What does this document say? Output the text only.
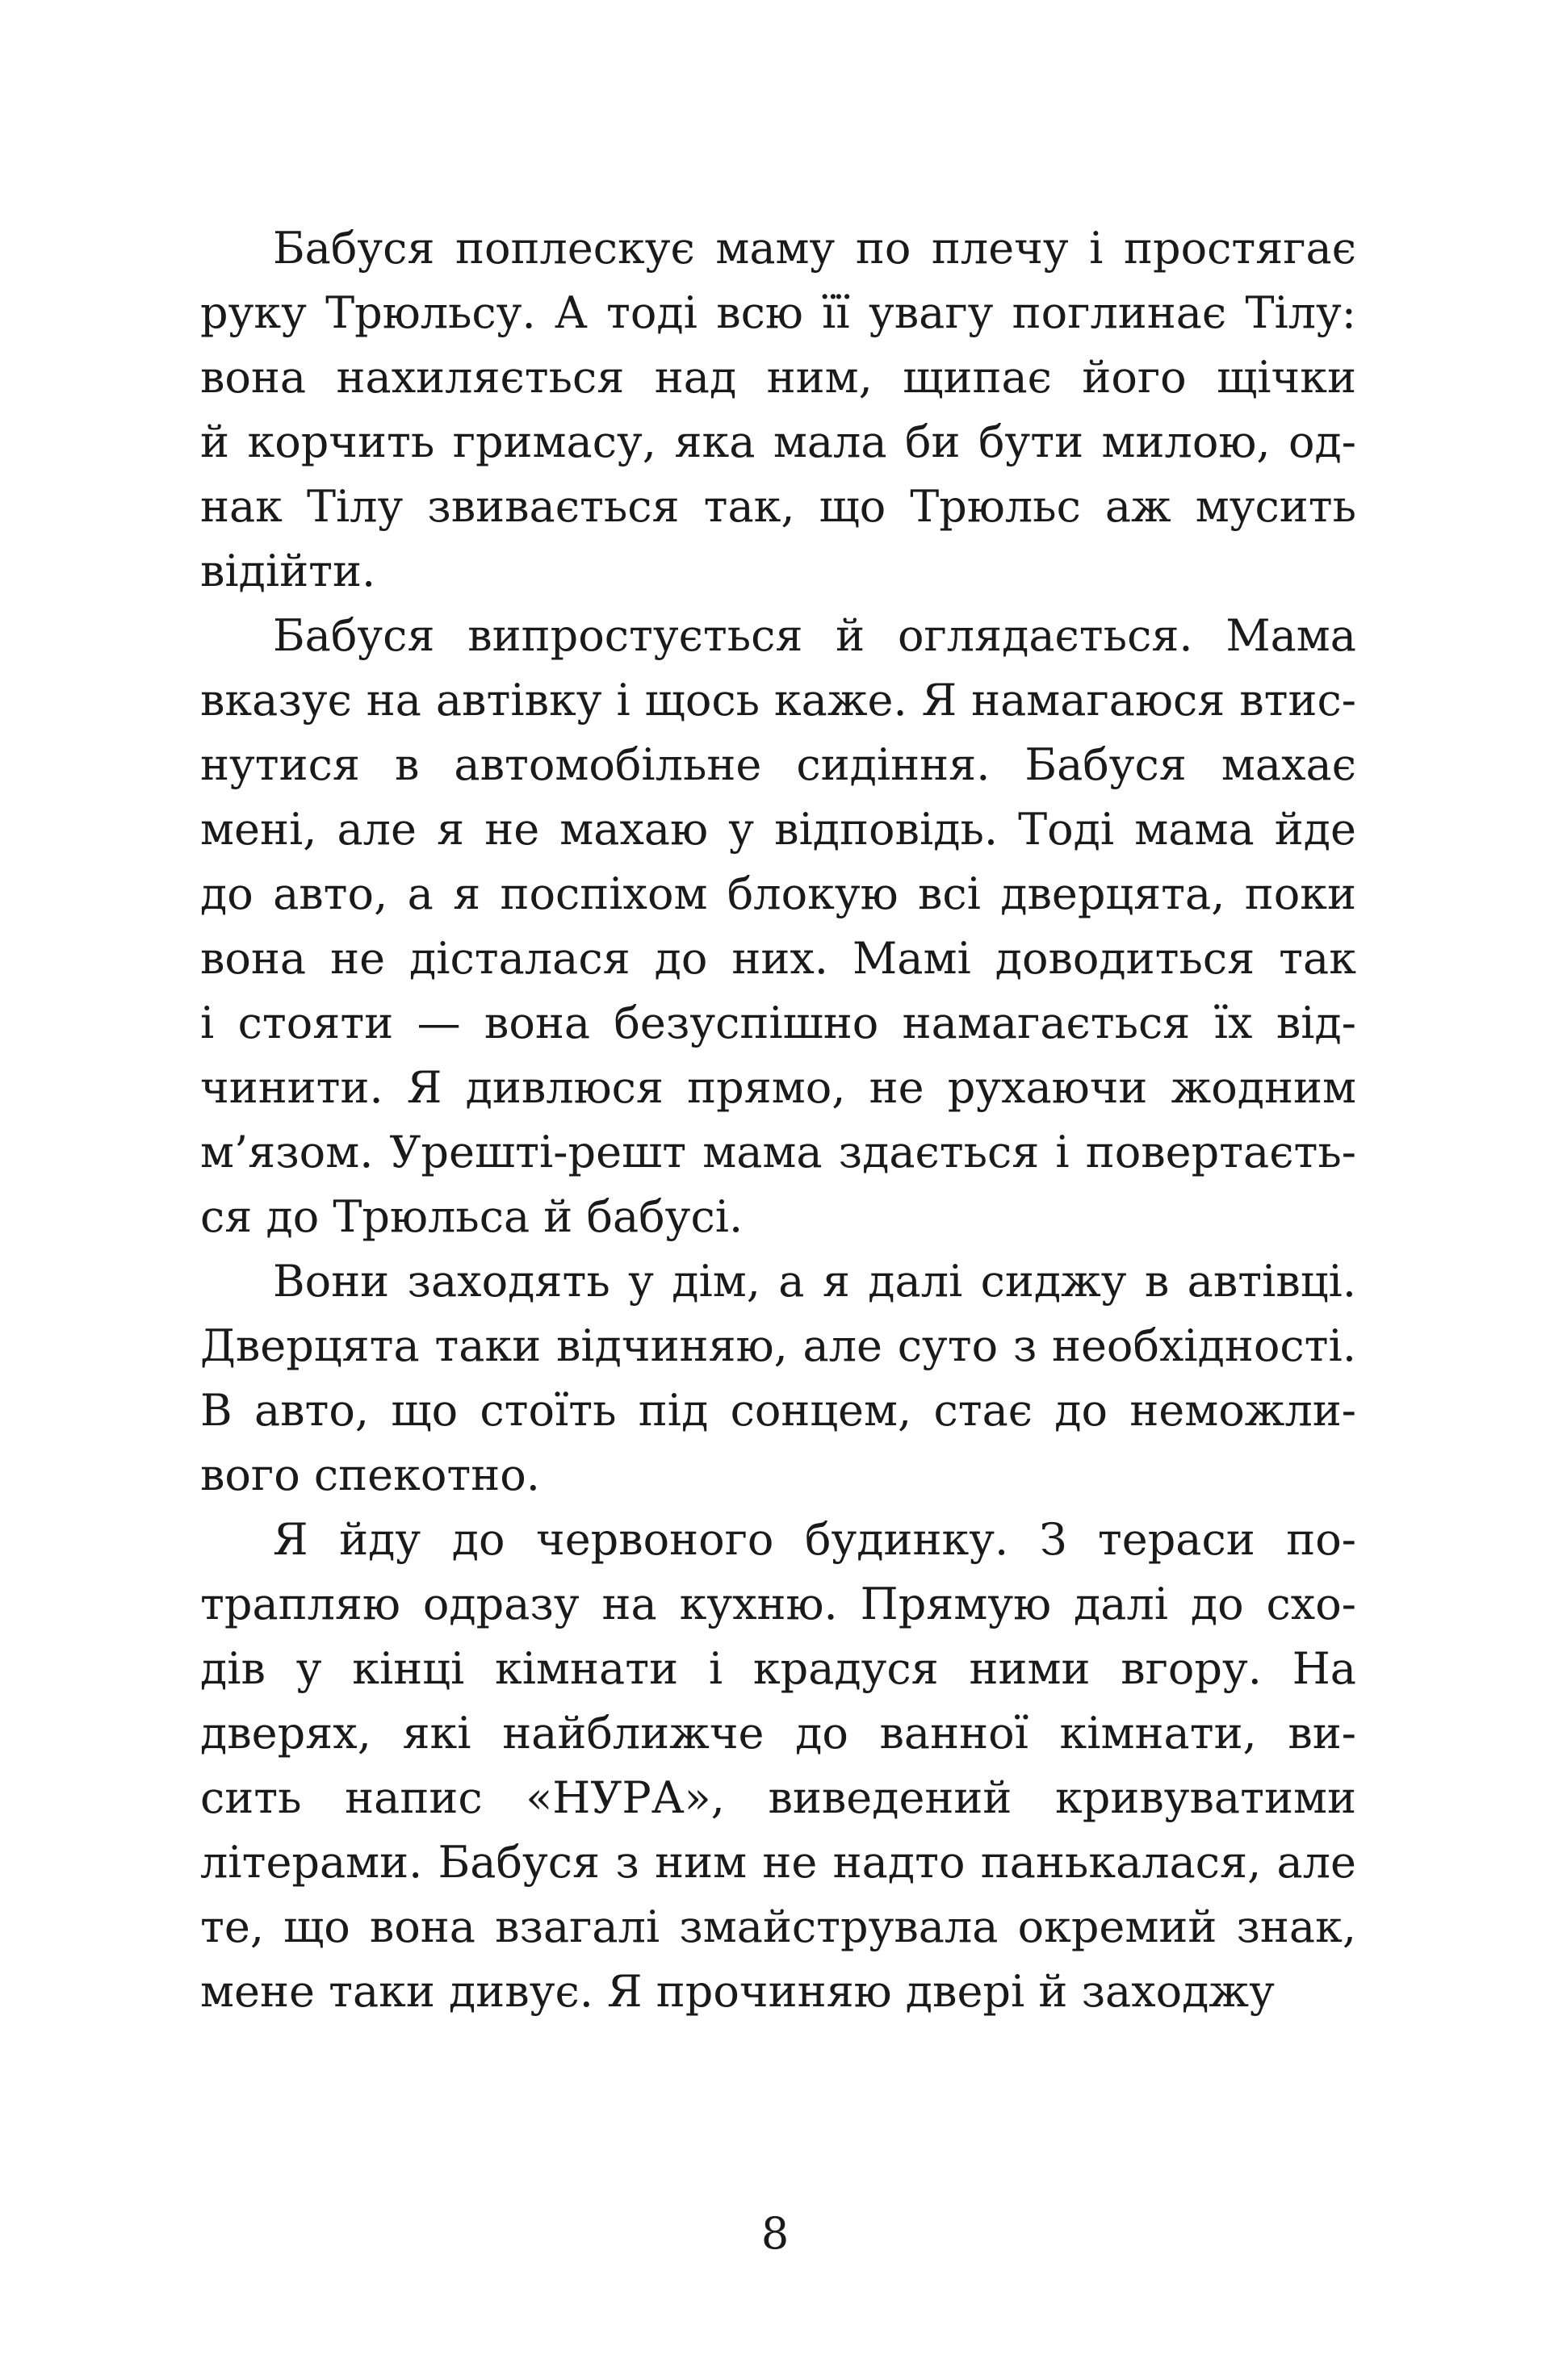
Бабуся поплескує маму по плечу і простягає
руку Трюльсу. А тоді всю її увагу поглинає Тілу:
вона нахиляється над ним, щипає його щічки
й корчить гримасу, яка мала би бути милою, од-
нак Тілу звивається так, що Трюльс аж мусить
відійти.
Бабуся випростується й оглядається. Мама
вказує на автівку і щось каже. Я намагаюся втис-
нутися в автомобільне сидіння. Бабуся махає
мені, але я не махаю у відповідь. Тоді мама йде
до авто, а я поспіхом блокую всі дверцята, поки
вона не дісталася до них. Мамі доводиться так
і стояти — вона безуспішно намагається їх від-
чинити. Я дивлюся прямо, не рухаючи жодним
м’язом. Урешті-решт мама здається і повертаєть-
ся до Трюльса й бабусі.
Вони заходять у дім, а я далі сиджу в автівці.
Дверцята таки відчиняю, але суто з необхідності.
В авто, що стоїть під сонцем, стає до неможли-
вого спекотно.
Я йду до червоного будинку. З тераси по-
трапляю одразу на кухню. Прямую далі до схо-
дів у кінці кімнати і крадуся ними вгору. На
дверях, які найближче до ванної кімнати, ви-
сить напис «НУРА», виведений кривуватими
літерами. Бабуся з ним не надто панькалася, але
те, що вона взагалі змайструвала окремий знак,
мене таки дивує. Я прочиняю двері й заходжу
8
